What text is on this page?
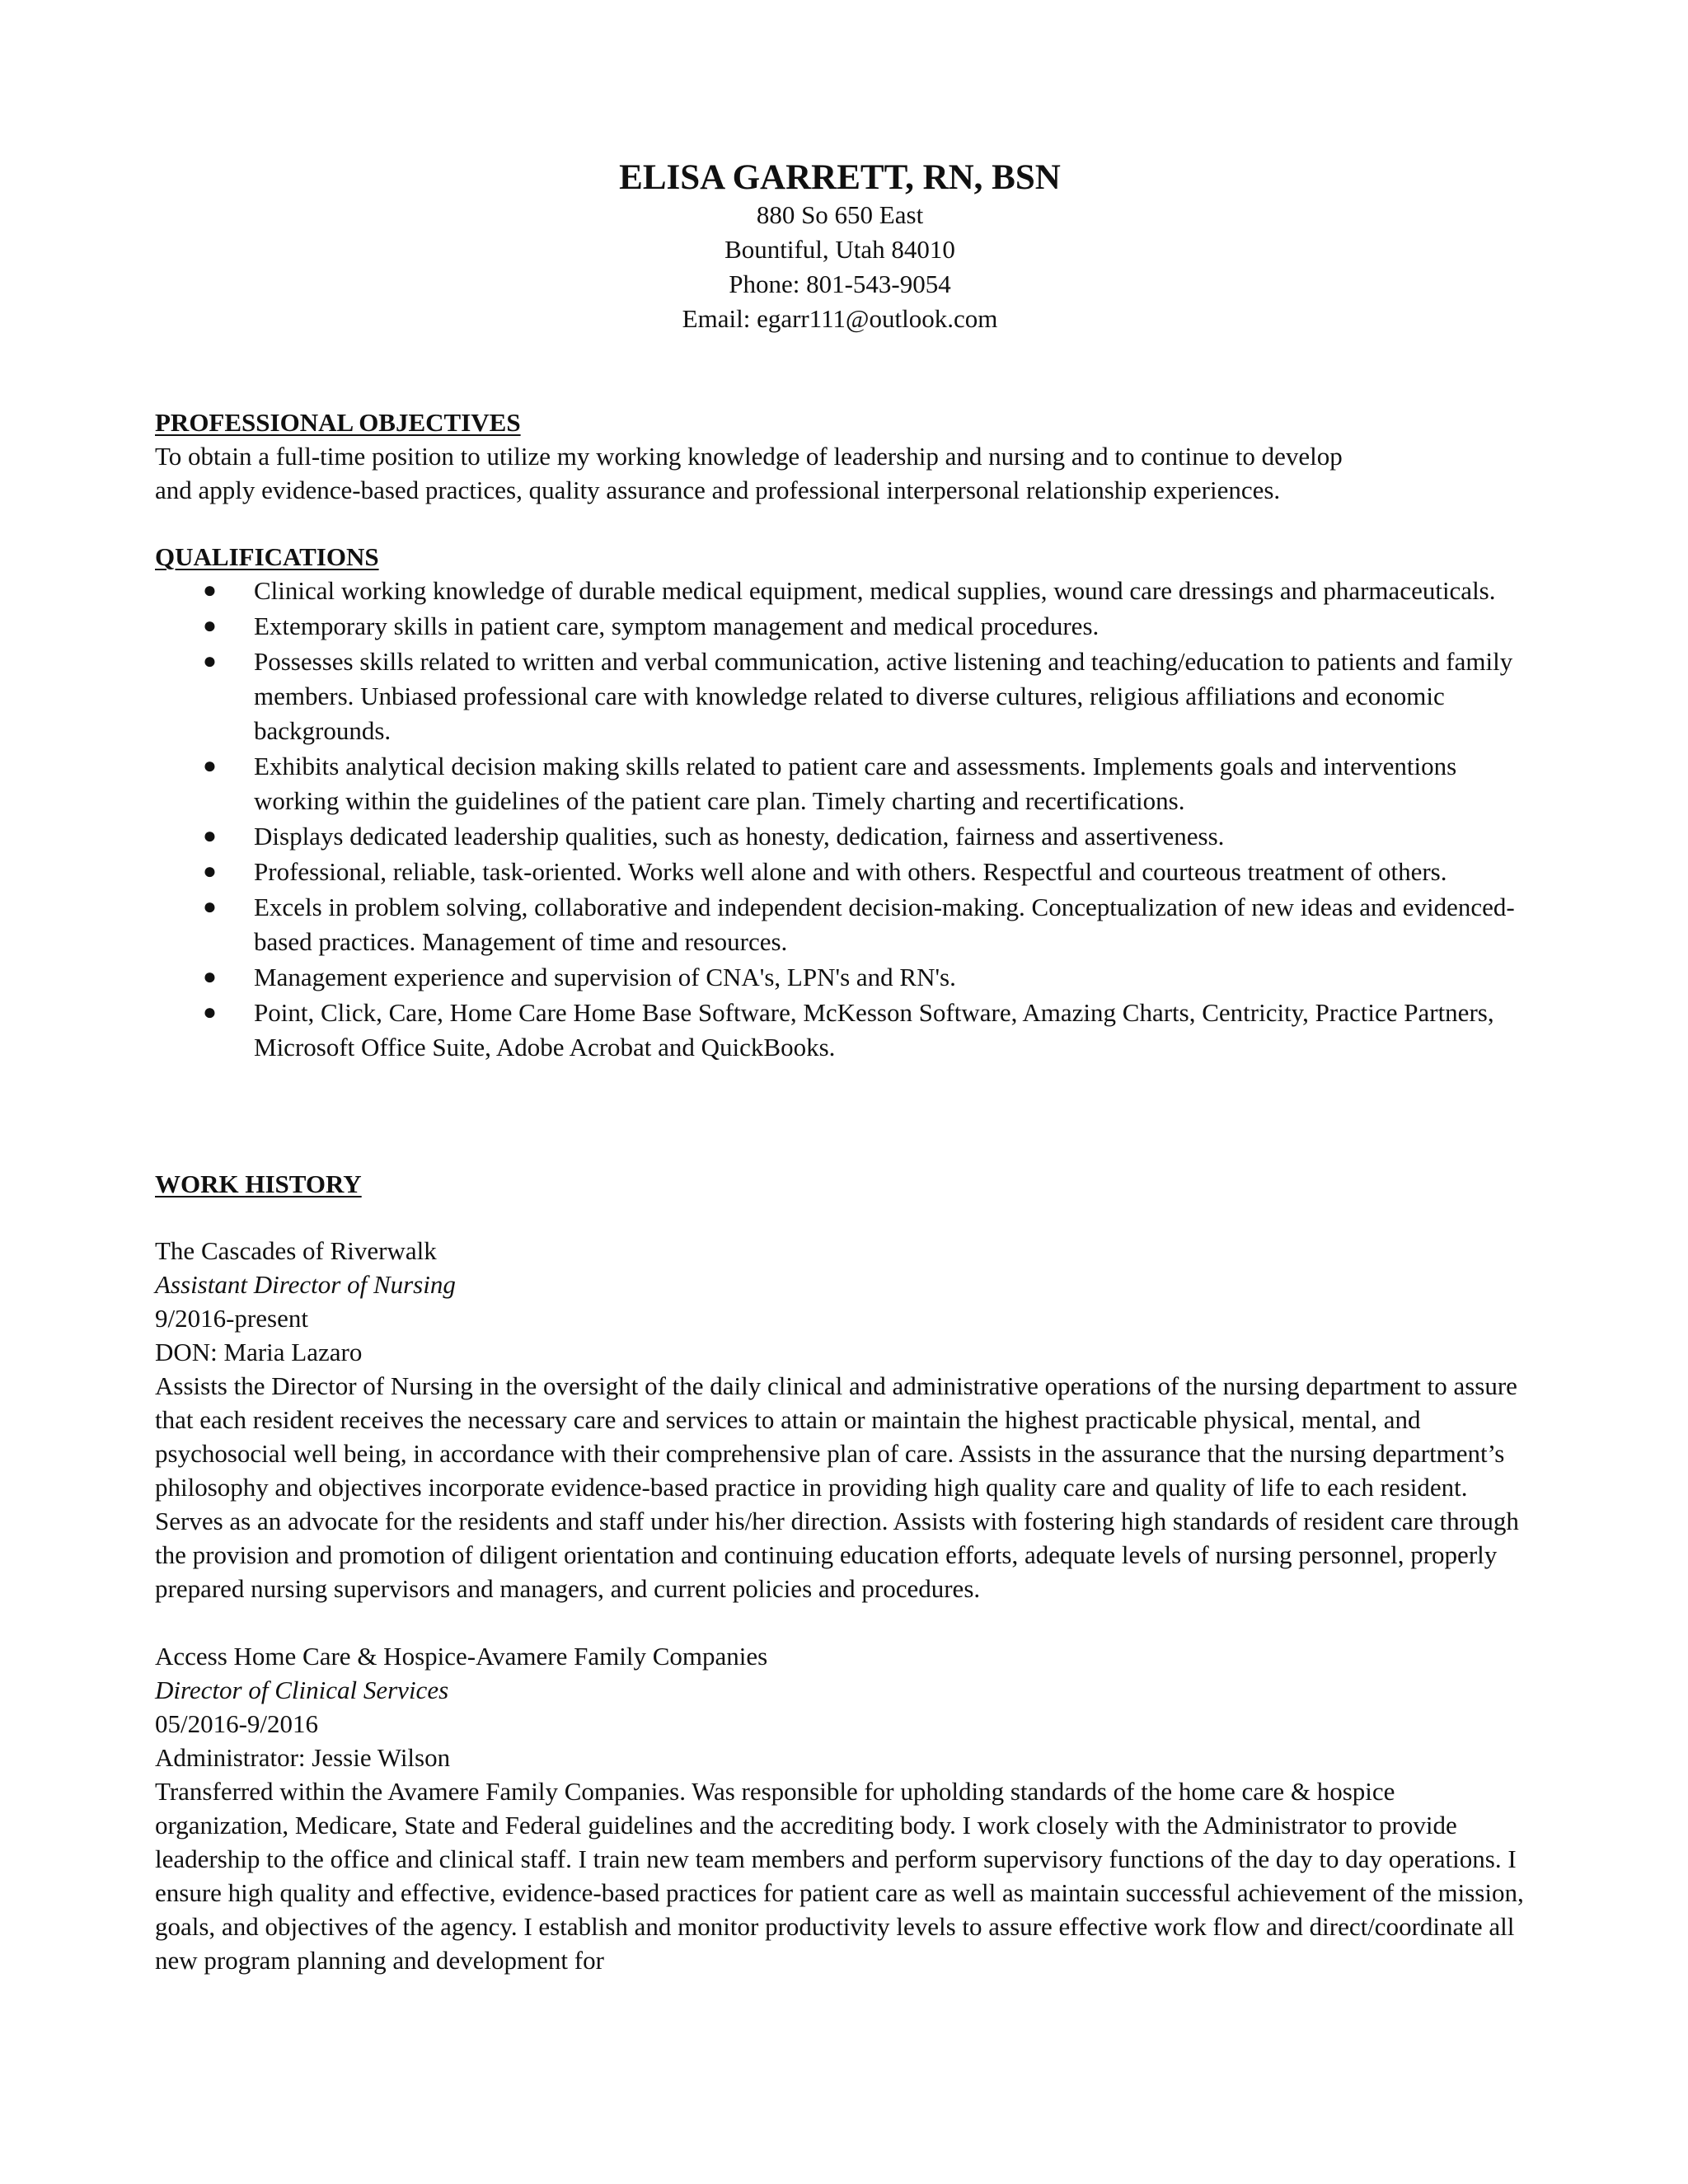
ELISA GARRETT, RN, BSN
880 So 650 East
Bountiful, Utah 84010
Phone: 801-543-9054
Email: egarr111@outlook.com
PROFESSIONAL OBJECTIVES
To obtain a full-time position to utilize my working knowledge of leadership and nursing and to continue to develop
and apply evidence-based practices, quality assurance and professional interpersonal relationship experiences.
QUALIFICATIONS
● Clinical working knowledge of durable medical equipment, medical supplies, wound care dressings and pharmaceuticals.
● Extemporary skills in patient care, symptom management and medical procedures.
● Possesses skills related to written and verbal communication, active listening and teaching/education to patients and family members. Unbiased professional care with knowledge related to diverse cultures, religious affiliations and economic backgrounds.
● Exhibits analytical decision making skills related to patient care and assessments. Implements goals and interventions working within the guidelines of the patient care plan. Timely charting and recertifications.
● Displays dedicated leadership qualities, such as honesty, dedication, fairness and assertiveness.
● Professional, reliable, task-oriented. Works well alone and with others. Respectful and courteous treatment of others.
● Excels in problem solving, collaborative and independent decision-making. Conceptualization of new ideas and evidenced-based practices. Management of time and resources.
● Management experience and supervision of CNA's, LPN's and RN's.
● Point, Click, Care, Home Care Home Base Software, McKesson Software, Amazing Charts, Centricity, Practice Partners, Microsoft Office Suite, Adobe Acrobat and QuickBooks.
WORK HISTORY
The Cascades of Riverwalk
Assistant Director of Nursing
9/2016-present
DON: Maria Lazaro
Assists the Director of Nursing in the oversight of the daily clinical and administrative operations of the nursing department to assure that each resident receives the necessary care and services to attain or maintain the highest practicable physical, mental, and psychosocial well being, in accordance with their comprehensive plan of care. Assists in the assurance that the nursing department’s philosophy and objectives incorporate evidence-based practice in providing high quality care and quality of life to each resident. Serves as an advocate for the residents and staff under his/her direction. Assists with fostering high standards of resident care through the provision and promotion of diligent orientation and continuing education efforts, adequate levels of nursing personnel, properly prepared nursing supervisors and managers, and current policies and procedures.
Access Home Care & Hospice-Avamere Family Companies
Director of Clinical Services
05/2016-9/2016
Administrator: Jessie Wilson
Transferred within the Avamere Family Companies. Was responsible for upholding standards of the home care & hospice organization, Medicare, State and Federal guidelines and the accrediting body. I work closely with the Administrator to provide leadership to the office and clinical staff. I train new team members and perform supervisory functions of the day to day operations. I ensure high quality and effective, evidence-based practices for patient care as well as maintain successful achievement of the mission, goals, and objectives of the agency. I establish and monitor productivity levels to assure effective work flow and direct/coordinate all new program planning and development for
